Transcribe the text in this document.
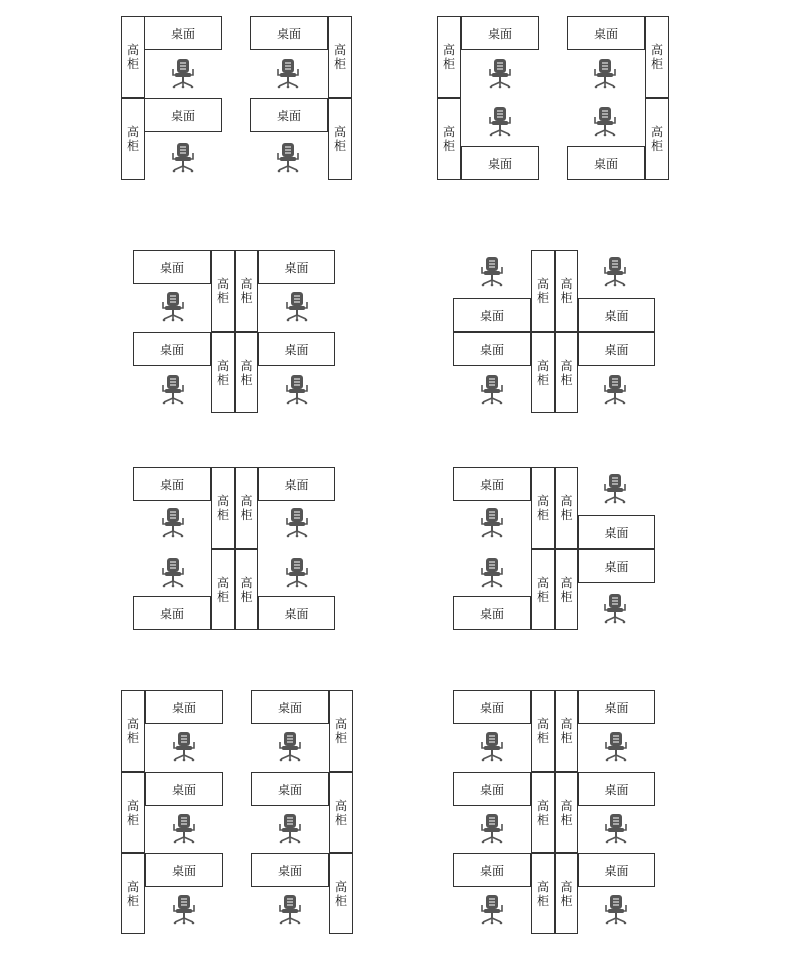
高
柜
桌面
高
柜
桌面
高
柜
桌面
高
柜
桌面
高
柜
桌面
高
柜
桌面
高
柜
桌面
高
柜
桌面
桌面
高
柜
高
柜
桌面
桌面
高
柜
高
柜
桌面
高
柜
高
柜
桌面	桌面
桌面	桌面
高
柜
高
柜
桌面
高
柜
高
柜
桌面
高
柜
高
柜
桌面	桌面
桌面
高
柜
高
柜
桌面
桌面
高
柜
高
柜
桌面
高
柜
桌面
高
柜
桌面
高
柜
桌面
高
柜
桌面
高
柜
桌面
高
柜
桌面
桌面
高
柜
高
柜
桌面
桌面
高
柜
高
柜
桌面
桌面
高
柜
高
柜
桌面
